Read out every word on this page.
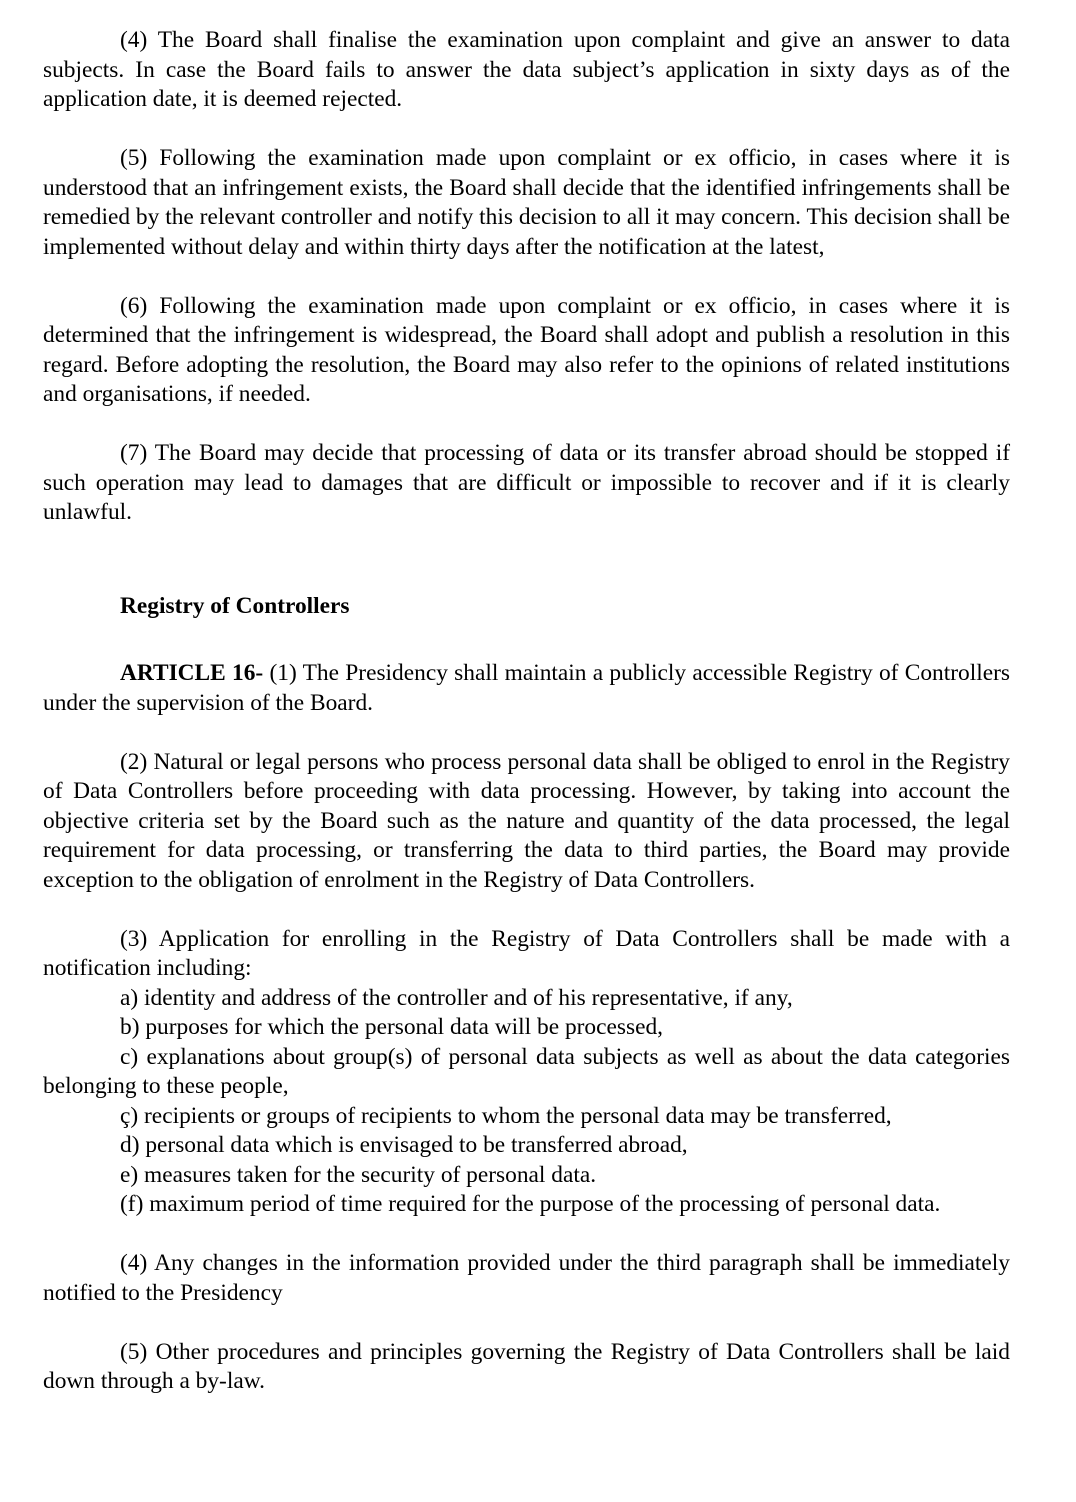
(4) The Board shall finalise the examination upon complaint and give an answer to data subjects. In case the Board fails to answer the data subject’s application in sixty days as of the application date, it is deemed rejected.

(5) Following the examination made upon complaint or ex officio, in cases where it is understood that an infringement exists, the Board shall decide that the identified infringements shall be remedied by the relevant controller and notify this decision to all it may concern. This decision shall be implemented without delay and within thirty days after the notification at the latest,

(6) Following the examination made upon complaint or ex officio, in cases where it is determined that the infringement is widespread, the Board shall adopt and publish a resolution in this regard. Before adopting the resolution, the Board may also refer to the opinions of related institutions and organisations, if needed.

(7) The Board may decide that processing of data or its transfer abroad should be stopped if such operation may lead to damages that are difficult or impossible to recover and if it is clearly unlawful.

Registry of Controllers

ARTICLE 16- (1) The Presidency shall maintain a publicly accessible Registry of Controllers under the supervision of the Board.

(2) Natural or legal persons who process personal data shall be obliged to enrol in the Registry of Data Controllers before proceeding with data processing. However, by taking into account the objective criteria set by the Board such as the nature and quantity of the data processed, the legal requirement for data processing, or transferring the data to third parties, the Board may provide exception to the obligation of enrolment in the Registry of Data Controllers.

(3) Application for enrolling in the Registry of Data Controllers shall be made with a notification including:

a) identity and address of the controller and of his representative, if any,

b) purposes for which the personal data will be processed,

c) explanations about group(s) of personal data subjects as well as about the data categories belonging to these people,

ç) recipients or groups of recipients to whom the personal data may be transferred,

d) personal data which is envisaged to be transferred abroad,

e) measures taken for the security of personal data.

(f) maximum period of time required for the purpose of the processing of personal data.

(4) Any changes in the information provided under the third paragraph shall be immediately notified to the Presidency

(5) Other procedures and principles governing the Registry of Data Controllers shall be laid down through a by-law.
